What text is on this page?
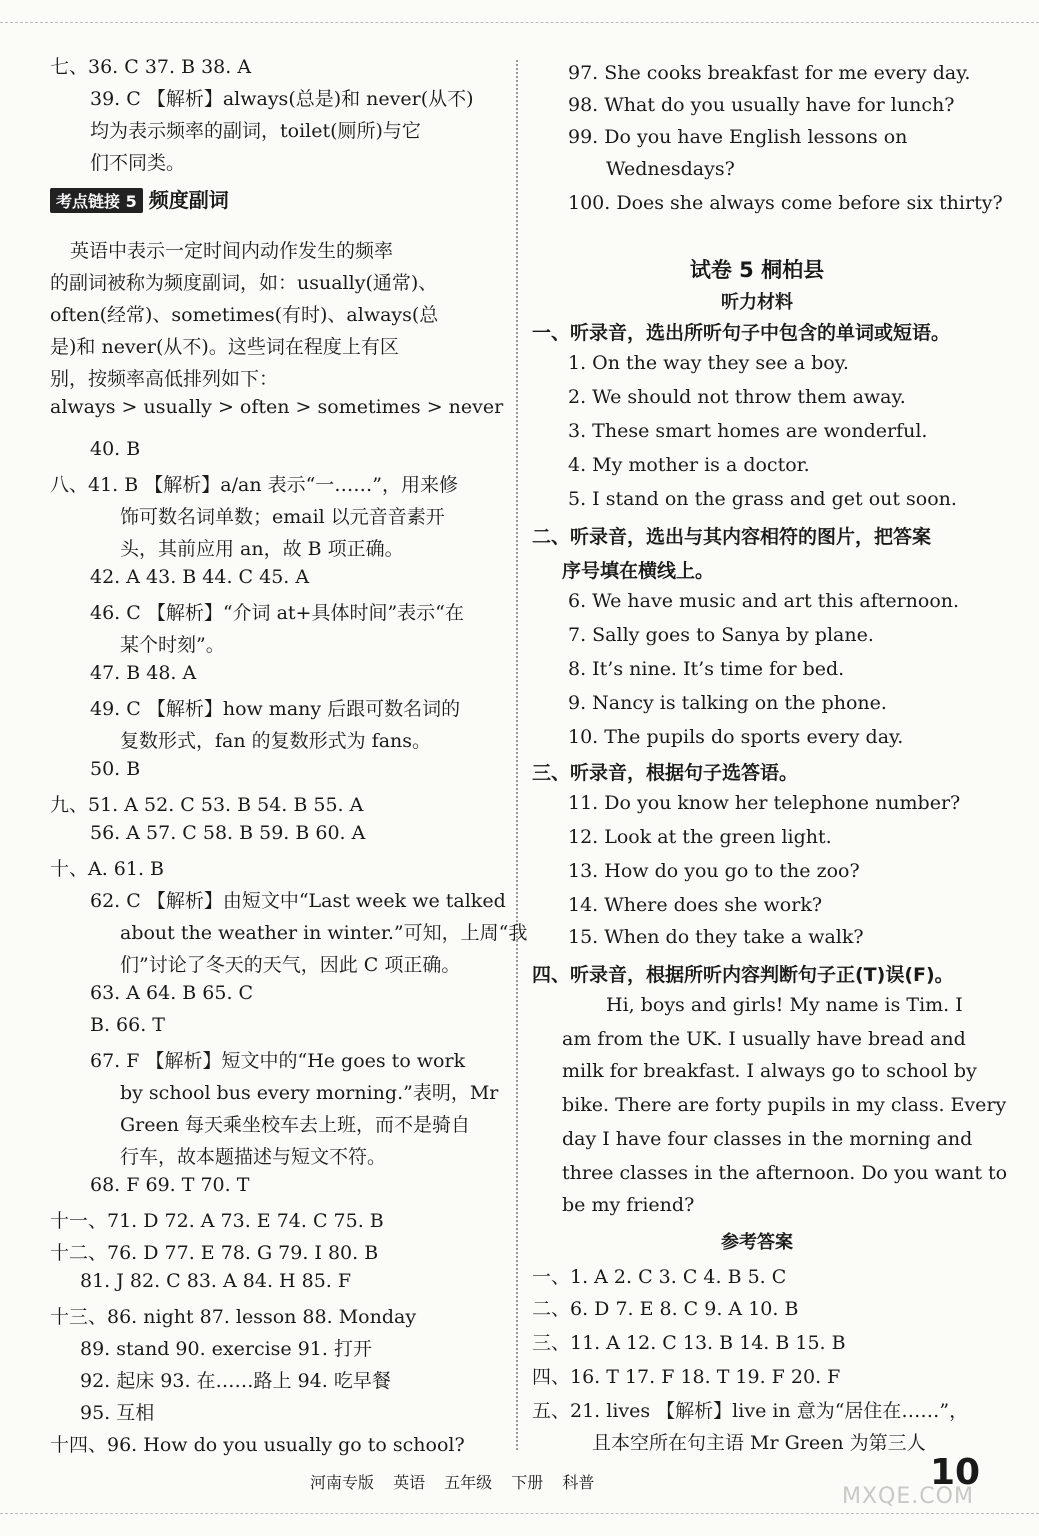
考点链接 5 频度副词
七、36. C 37. B 38. A
39. C 【解析】always(总是)和 never(从不)
均为表示频率的副词，toilet(厕所)与它
们不同类。
英语中表示一定时间内动作发生的频率
的副词被称为频度副词，如：usually(通常)、
often(经常)、sometimes(有时)、always(总
是)和 never(从不)。这些词在程度上有区
别，按频率高低排列如下：
always > usually > often > sometimes > never
40. B
八、41. B 【解析】a/an 表示“一……”，用来修
饰可数名词单数；email 以元音音素开
头，其前应用 an，故 B 项正确。
42. A 43. B 44. C 45. A
46. C 【解析】“介词 at+具体时间”表示“在
某个时刻”。
47. B 48. A
49. C 【解析】how many 后跟可数名词的
复数形式，fan 的复数形式为 fans。
50. B
九、51. A 52. C 53. B 54. B 55. A
56. A 57. C 58. B 59. B 60. A
十、A. 61. B
62. C 【解析】由短文中“Last week we talked
about the weather in winter.”可知，上周“我
们”讨论了冬天的天气，因此 C 项正确。
63. A 64. B 65. C
B. 66. T
67. F 【解析】短文中的“He goes to work
by school bus every morning.”表明，Mr
Green 每天乘坐校车去上班，而不是骑自
行车，故本题描述与短文不符。
68. F 69. T 70. T
十一、71. D 72. A 73. E 74. C 75. B
十二、76. D 77. E 78. G 79. I 80. B
81. J 82. C 83. A 84. H 85. F
十三、86. night 87. lesson 88. Monday
89. stand 90. exercise 91. 打开
92. 起床 93. 在……路上 94. 吃早餐
95. 互相
十四、96. How do you usually go to school?
试卷 5 桐柏县
听力材料
参考答案
97. She cooks breakfast for me every day.
98. What do you usually have for lunch?
99. Do you have English lessons on
Wednesdays?
100. Does she always come before six thirty?
一、听录音，选出所听句子中包含的单词或短语。
1. On the way they see a boy.
2. We should not throw them away.
3. These smart homes are wonderful.
4. My mother is a doctor.
5. I stand on the grass and get out soon.
二、听录音，选出与其内容相符的图片，把答案
序号填在横线上。
6. We have music and art this afternoon.
7. Sally goes to Sanya by plane.
8. It’s nine. It’s time for bed.
9. Nancy is talking on the phone.
10. The pupils do sports every day.
三、听录音，根据句子选答语。
11. Do you know her telephone number?
12. Look at the green light.
13. How do you go to the zoo?
14. Where does she work?
15. When do they take a walk?
四、听录音，根据所听内容判断句子正(T)误(F)。
Hi, boys and girls! My name is Tim. I
am from the UK. I usually have bread and
milk for breakfast. I always go to school by
bike. There are forty pupils in my class. Every
day I have four classes in the morning and
three classes in the afternoon. Do you want to
be my friend?
一、1. A 2. C 3. C 4. B 5. C
二、6. D 7. E 8. C 9. A 10. B
三、11. A 12. C 13. B 14. B 15. B
四、16. T 17. F 18. T 19. F 20. F
五、21. lives 【解析】live in 意为“居住在……”，
且本空所在句主语 Mr Green 为第三人
河南专版 英语 五年级 下册 科普	10
MXQE.COM
